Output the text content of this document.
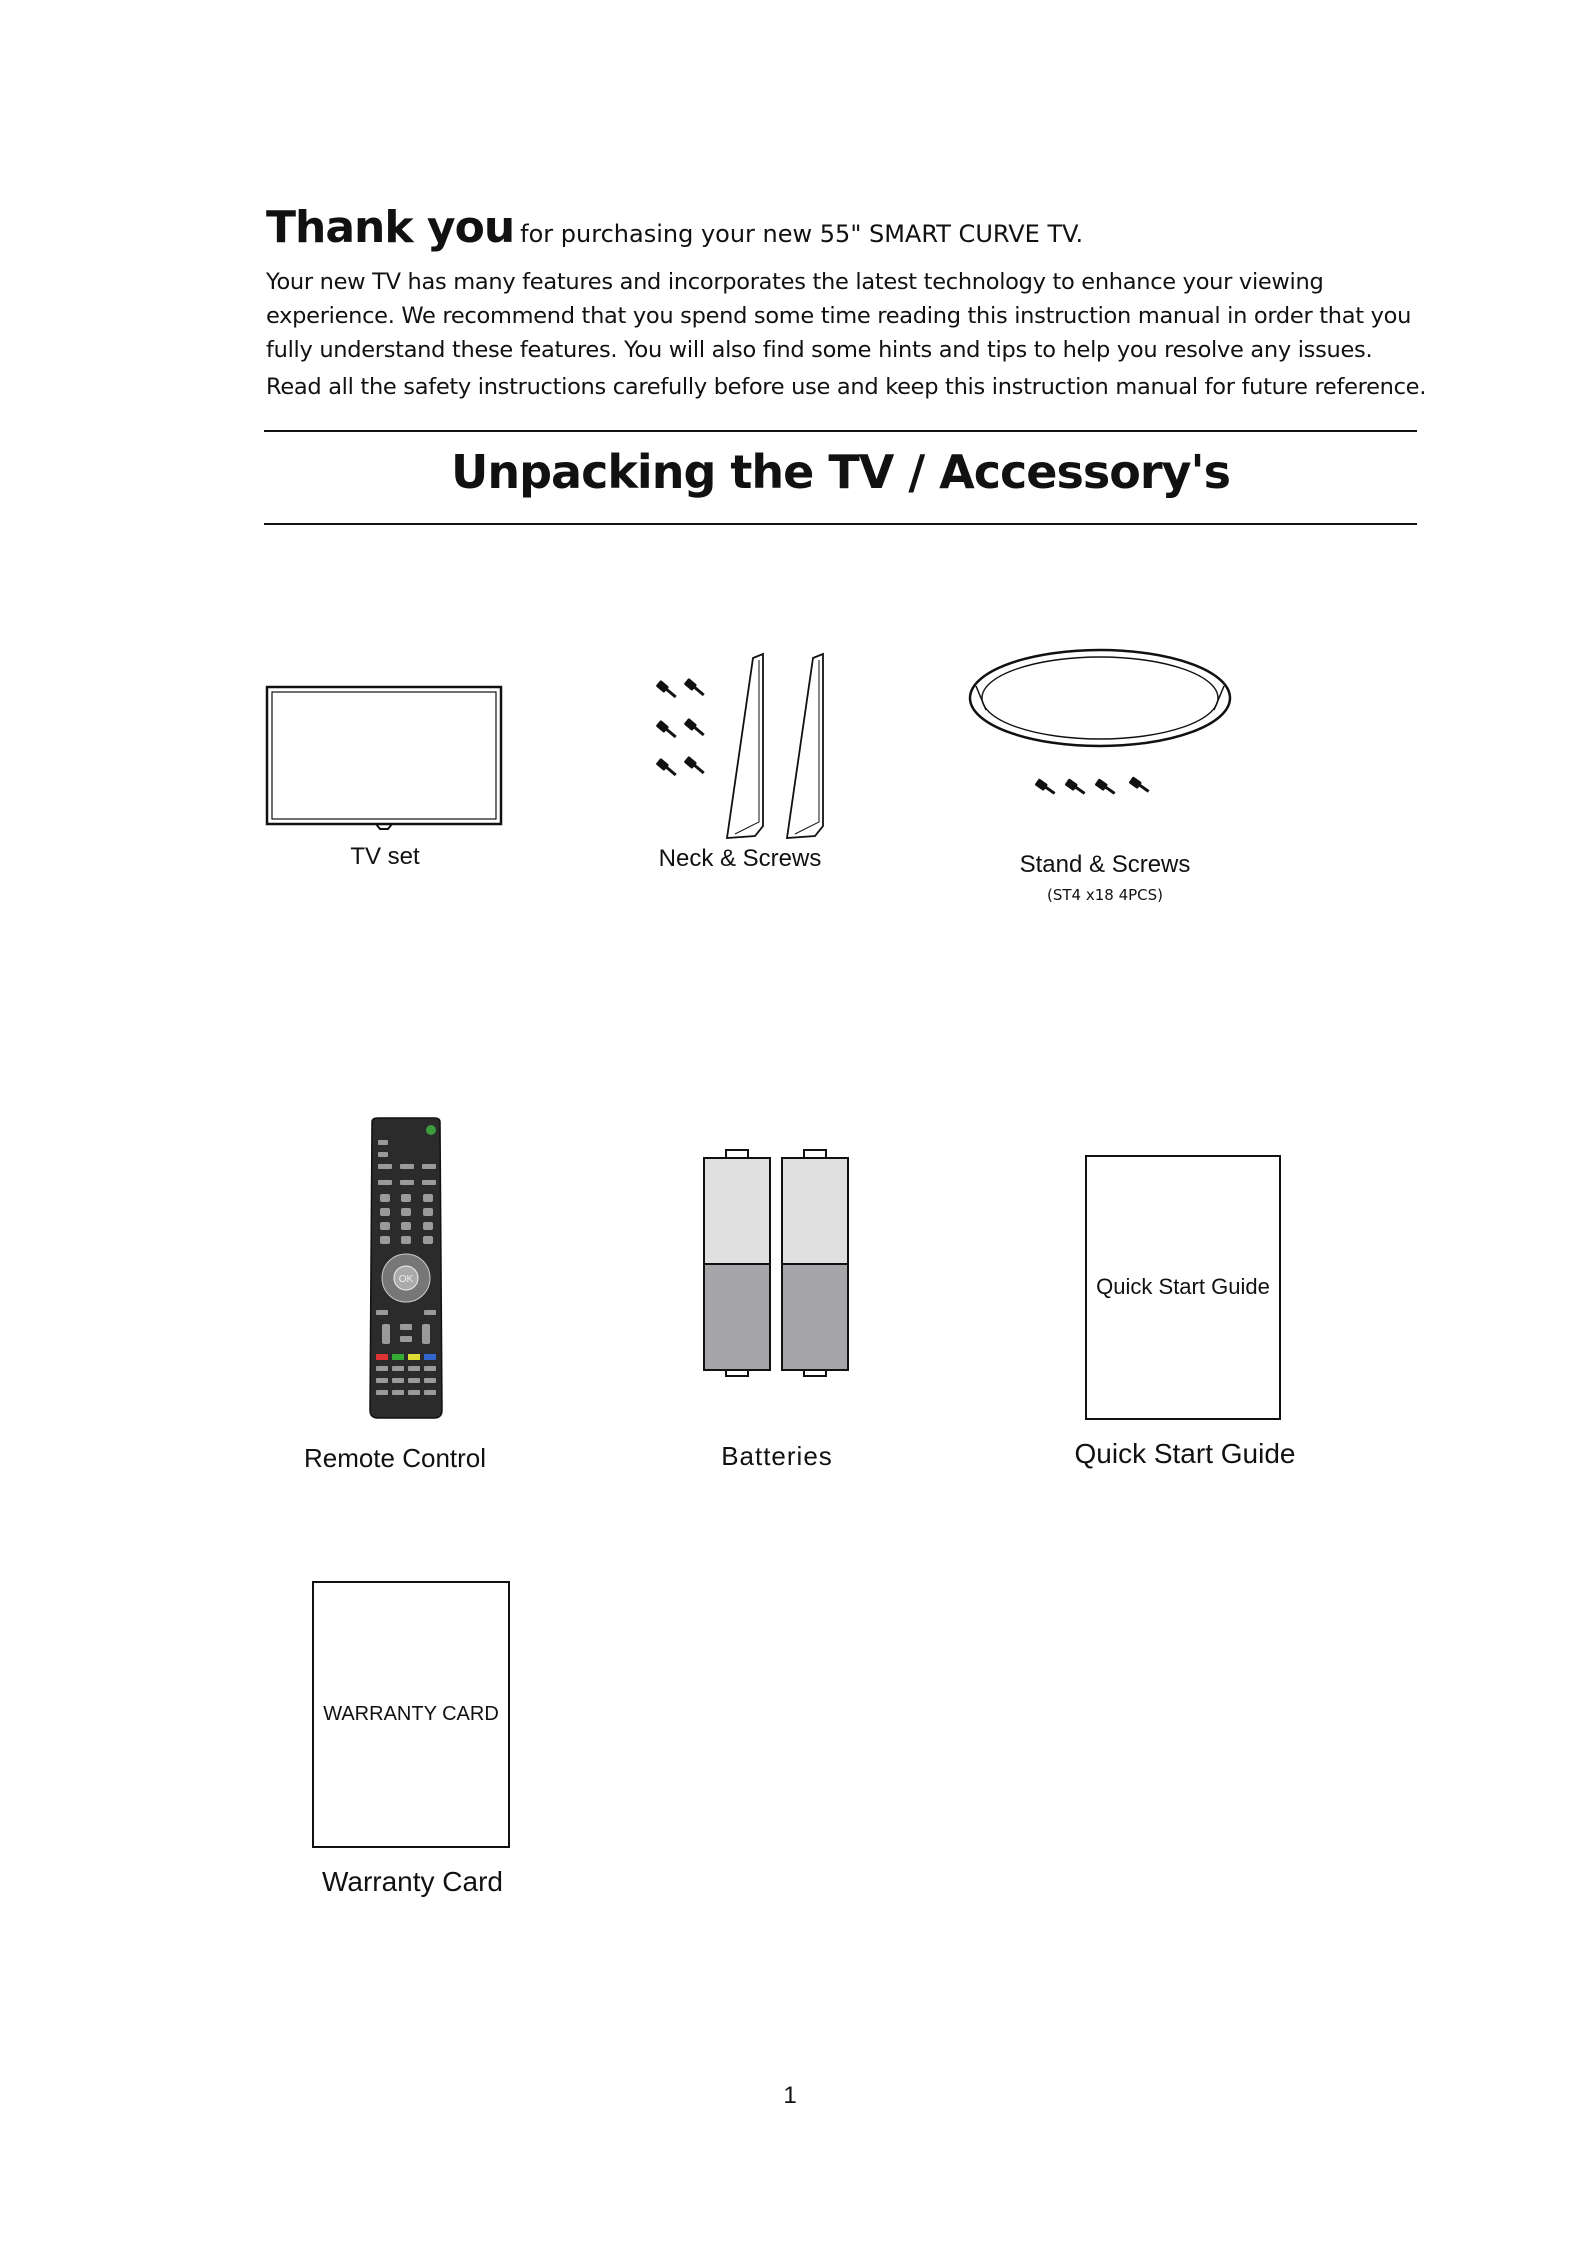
Thank you for purchasing your new 55" SMART CURVE TV.
Your new TV has many features and incorporates the latest technology to enhance your viewing
experience. We recommend that you spend some time reading this instruction manual in order that you
fully understand these features. You will also find some hints and tips to help you resolve any issues.
Read all the safety instructions carefully before use and keep this instruction manual for future reference.
Unpacking the TV / Accessory's
TV set	Neck & Screws	Stand & Screws
(ST4 x18 4PCS)
OK
Remote Control	Batteries
Quick Start Guide
Quick Start Guide
WARRANTY CARD
Warranty Card
1
